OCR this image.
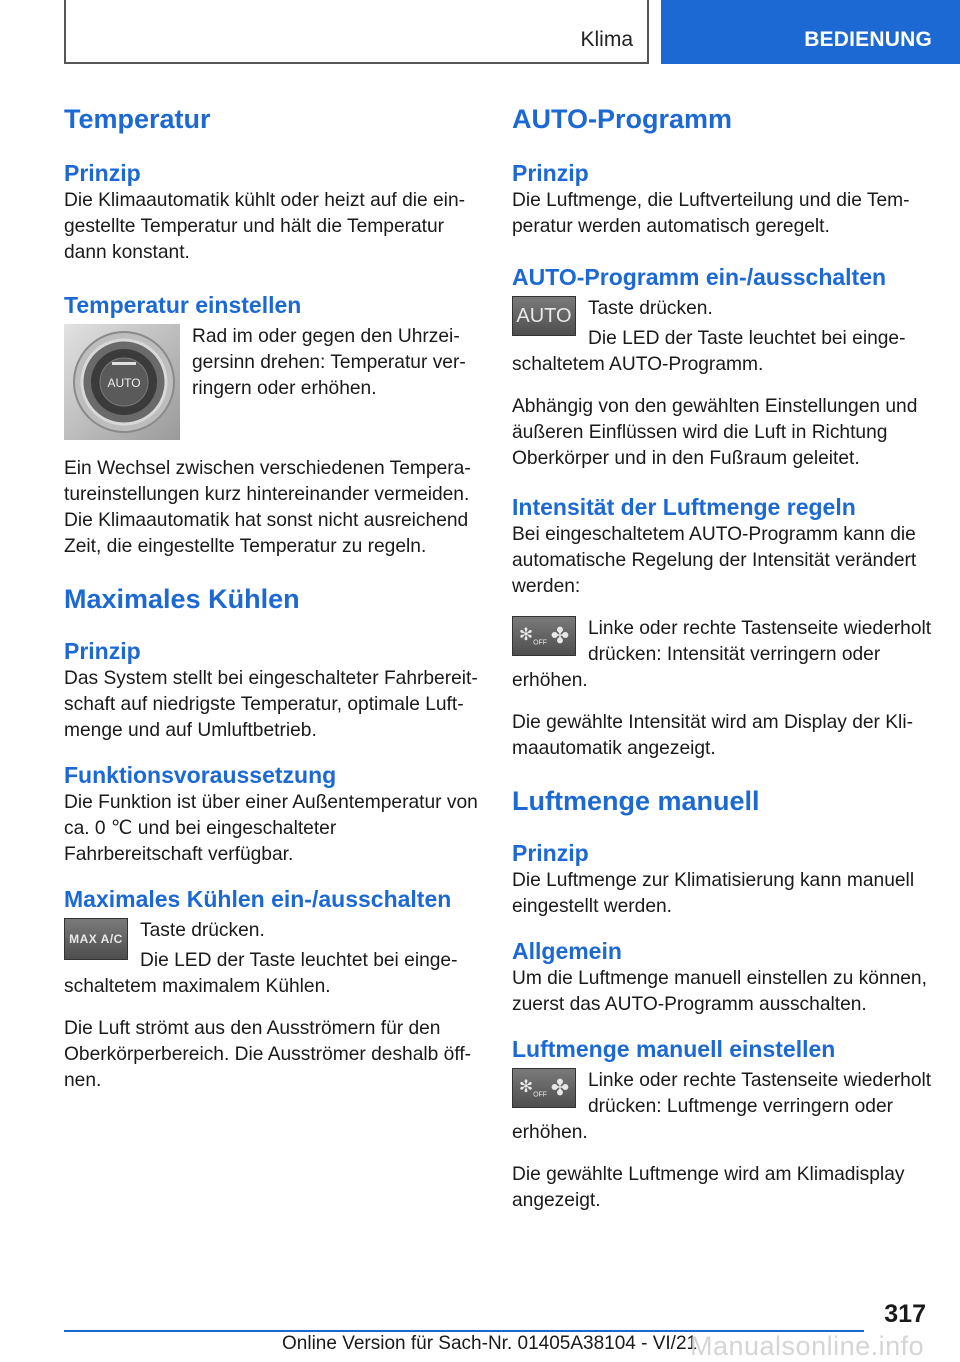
Klima	BEDIENUNG
Temperatur
Prinzip

Die Klimaautomatik kühlt oder heizt auf die eingestellte Temperatur und hält die Temperatur dann konstant.

Temperatur einstellen
AUTO

Rad im oder gegen den Uhrzeigersinn drehen: Temperatur verringern oder erhöhen.

Ein Wechsel zwischen verschiedenen Temperatureinstellungen kurz hintereinander vermeiden. Die Klimaautomatik hat sonst nicht ausreichend Zeit, die eingestellte Temperatur zu regeln.

Maximales Kühlen
Prinzip

Das System stellt bei eingeschalteter Fahrbereitschaft auf niedrigste Temperatur, optimale Luftmenge und auf Umluftbetrieb.

Funktionsvoraussetzung

Die Funktion ist über einer Außentemperatur von ca. 0 ℃ und bei eingeschalteter Fahrbereitschaft verfügbar.

Maximales Kühlen ein-/ausschalten
MAX A/C Taste drücken.

Die LED der Taste leuchtet bei eingeschaltetem maximalem Kühlen.

Die Luft strömt aus den Ausströmern für den Oberkörperbereich. Die Ausströmer deshalb öffnen.

AUTO-Programm
Prinzip

Die Luftmenge, die Luftverteilung und die Temperatur werden automatisch geregelt.

AUTO-Programm ein-/ausschalten
AUTO Taste drücken.

Die LED der Taste leuchtet bei eingeschaltetem AUTO-Programm.

Abhängig von den gewählten Einstellungen und äußeren Einflüssen wird die Luft in Richtung Oberkörper und in den Fußraum geleitet.

Intensität der Luftmenge regeln

Bei eingeschaltetem AUTO-Programm kann die automatische Regelung der Intensität verändert werden:

$✻_{OFF}$ ✤ Linke oder rechte Tastenseite wiederholt drücken: Intensität verringern oder erhöhen.

Die gewählte Intensität wird am Display der Klimaautomatik angezeigt.

Luftmenge manuell
Prinzip

Die Luftmenge zur Klimatisierung kann manuell eingestellt werden.

Allgemein

Um die Luftmenge manuell einstellen zu können, zuerst das AUTO-Programm ausschalten.

Luftmenge manuell einstellen
$✻_{OFF}$ ✤ Linke oder rechte Tastenseite wiederholt drücken: Luftmenge verringern oder erhöhen.

Die gewählte Luftmenge wird am Klimadisplay angezeigt.

317
Online Version für Sach-Nr. 01405A38104 - VI/21
Manualsonline.info
